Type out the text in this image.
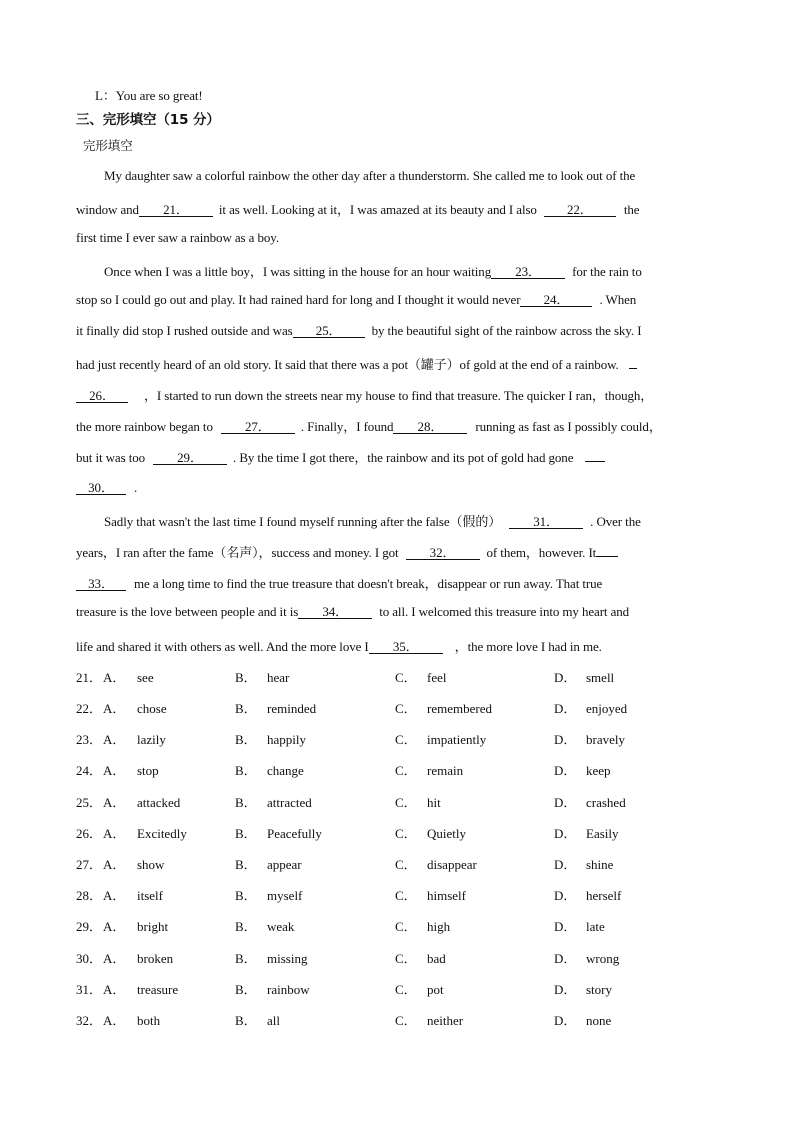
L：You are so great!
三、完形填空（15 分）
完形填空
My daughter saw a colorful rainbow the other day after a thunderstorm. She called me to look out of the
window and 21． it as well. Looking at it，I was amazed at its beauty and I also 22． the
first time I ever saw a rainbow as a boy.
Once when I was a little boy，I was sitting in the house for an hour waiting 23． for the rain to
stop so I could go out and play. It had rained hard for long and I thought it would never 24． . When
it finally did stop I rushed outside and was 25． by the beautiful sight of the rainbow across the sky. I
had just recently heard of an old story. It said that there was a pot（罐子）of gold at the end of a rainbow.
26． ，I started to run down the streets near my house to find that treasure. The quicker I ran，though，
the more rainbow began to 27． . Finally，I found 28． running as fast as I possibly could，
but it was too 29． . By the time I got there，the rainbow and its pot of gold had gone
30． .
Sadly that wasn't the last time I found myself running after the false（假的） 31． . Over the
years，I ran after the fame（名声），success and money. I got 32． of them，however. It
33． me a long time to find the true treasure that doesn't break，disappear or run away. That true
treasure is the love between people and it is 34． to all. I welcomed this treasure into my heart and
life and shared it with others as well. And the more love I 35．	，the more love I had in me.
21． A． see	B． hear	C． feel	D． smell
22． A． chose	B． reminded	C． remembered	D． enjoyed
23． A． lazily	B． happily	C． impatiently	D． bravely
24． A． stop	B． change	C． remain	D． keep
25． A． attacked	B． attracted	C． hit	D． crashed
26． A． Excitedly	B． Peacefully	C． Quietly	D． Easily
27． A． show	B． appear	C． disappear	D． shine
28． A． itself	B． myself	C． himself	D． herself
29． A． bright	B． weak	C． high	D． late
30． A． broken	B． missing	C． bad	D． wrong
31． A． treasure	B． rainbow	C． pot	D． story
32． A． both	B． all	C． neither	D． none
